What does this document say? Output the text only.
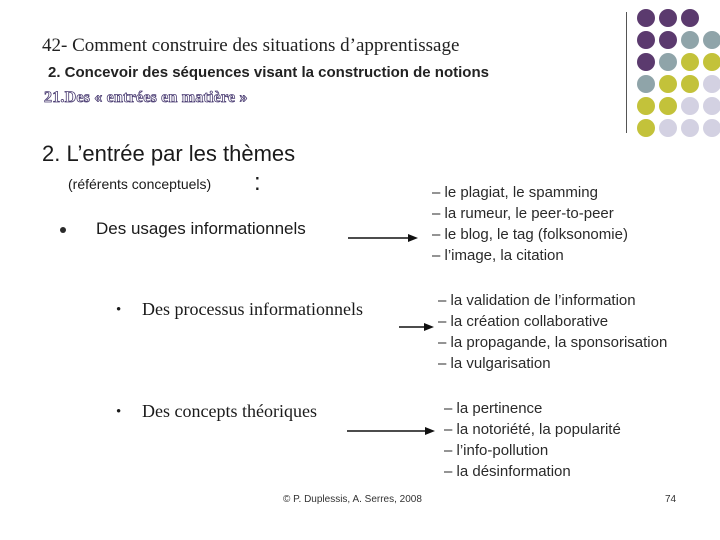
42- Comment construire des situations d’apprentissage
2. Concevoir des séquences visant la construction de notions
21.Des « entrées en matière »
2. L’entrée par les thèmes
(référents conceptuels) :
Des usages informationnels
– le plagiat, le spamming
– la rumeur, le peer-to-peer
– le blog, le tag (folksonomie)
– l’image, la citation
• Des processus informationnels	– la validation de l’information
– la création collaborative
– la propagande, la sponsorisation
– la vulgarisation
• Des concepts théoriques	– la pertinence
– la notoriété, la popularité
– l’info-pollution
– la désinformation
© P. Duplessis, A. Serres, 2008	74
